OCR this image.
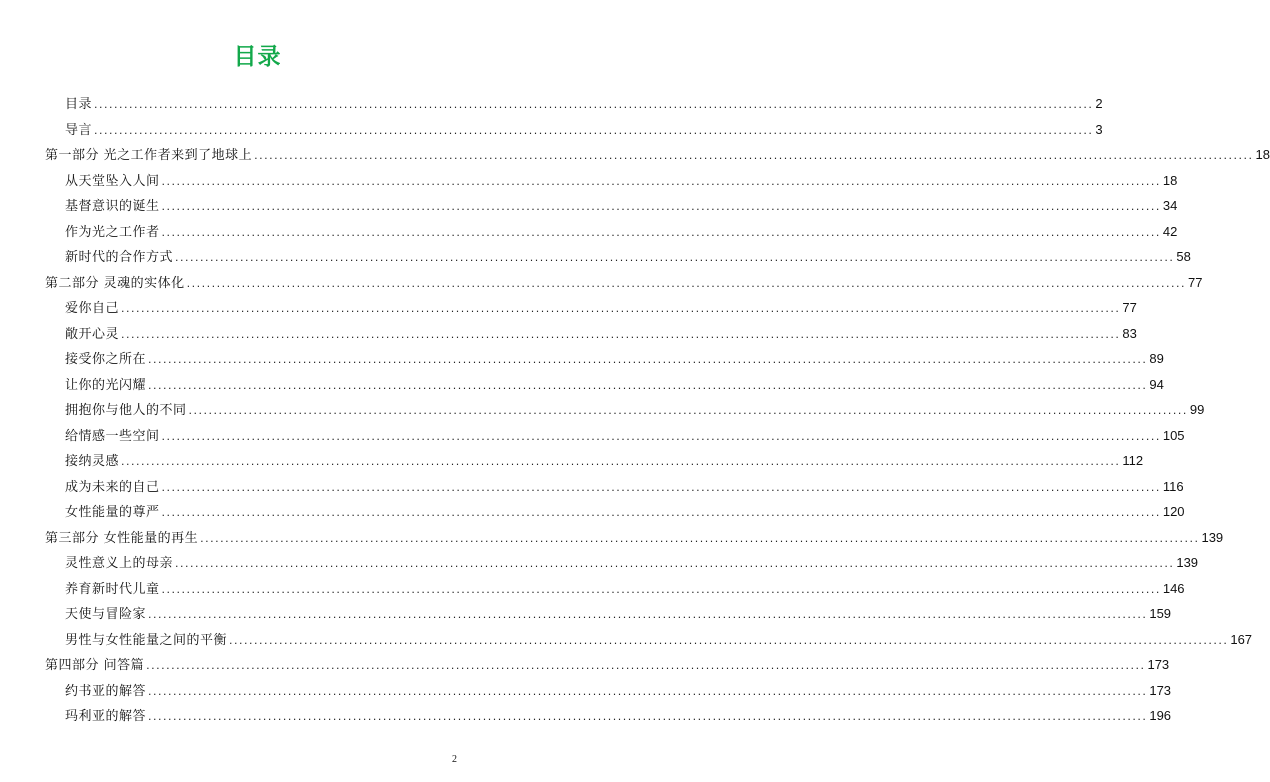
目录
目录 ........................................................................................................................................................................................................ 2
导言 ........................................................................................................................................................................................................ 3
第一部分 光之工作者来到了地球上 ........................................................................................................................................................................................................ 18
从天堂坠入人间 ........................................................................................................................................................................................................ 18
基督意识的诞生 ........................................................................................................................................................................................................ 34
作为光之工作者 ........................................................................................................................................................................................................ 42
新时代的合作方式 ........................................................................................................................................................................................................ 58
第二部分 灵魂的实体化 ........................................................................................................................................................................................................ 77
爱你自己 ........................................................................................................................................................................................................ 77
敞开心灵 ........................................................................................................................................................................................................ 83
接受你之所在 ........................................................................................................................................................................................................ 89
让你的光闪耀 ........................................................................................................................................................................................................ 94
拥抱你与他人的不同 ........................................................................................................................................................................................................ 99
给情感一些空间 ........................................................................................................................................................................................................ 105
接纳灵感 ........................................................................................................................................................................................................ 112
成为未来的自己 ........................................................................................................................................................................................................ 116
女性能量的尊严 ........................................................................................................................................................................................................ 120
第三部分 女性能量的再生 ........................................................................................................................................................................................................ 139
灵性意义上的母亲 ........................................................................................................................................................................................................ 139
养育新时代儿童 ........................................................................................................................................................................................................ 146
天使与冒险家 ........................................................................................................................................................................................................ 159
男性与女性能量之间的平衡 ........................................................................................................................................................................................................ 167
第四部分 问答篇 ........................................................................................................................................................................................................ 173
约书亚的解答 ........................................................................................................................................................................................................ 173
玛利亚的解答 ........................................................................................................................................................................................................ 196
2
